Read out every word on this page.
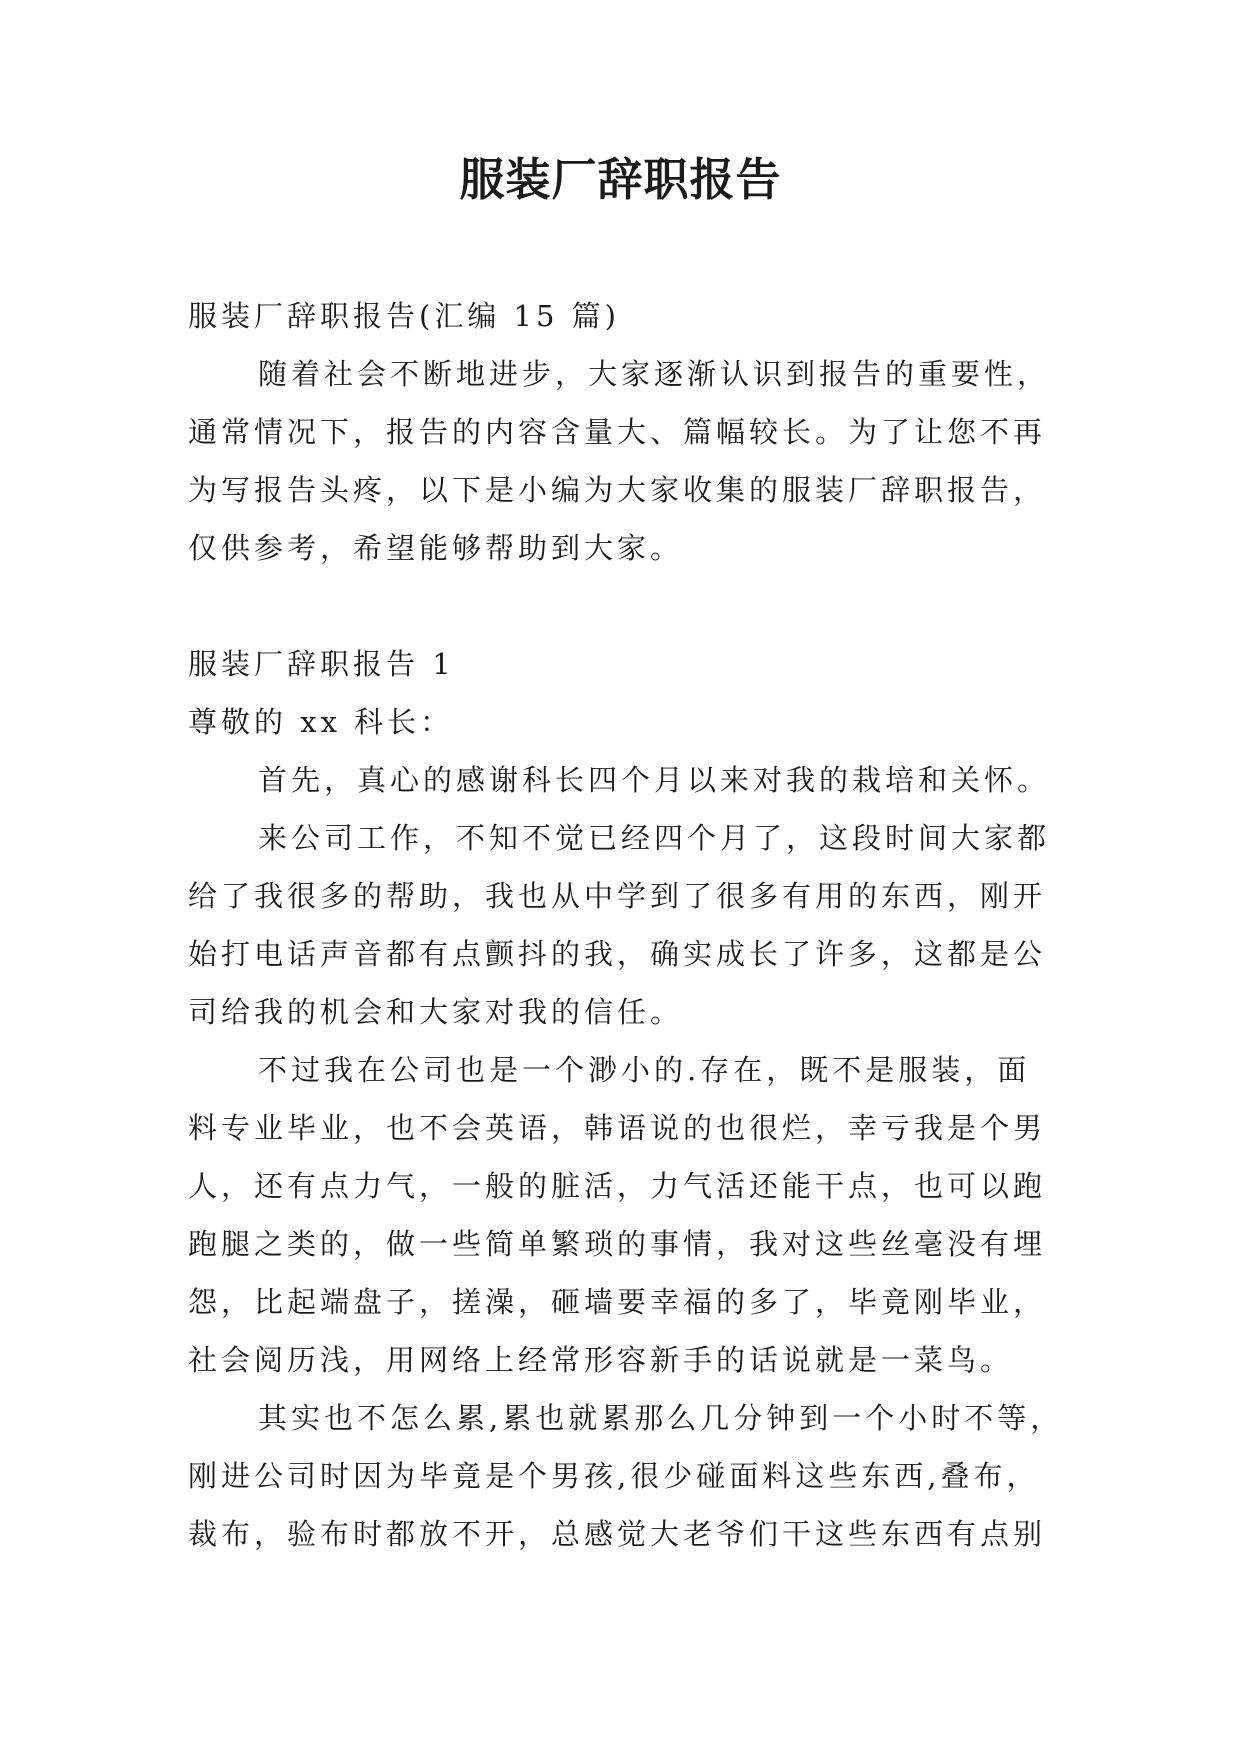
服装厂辞职报告
服装厂辞职报告(汇编 15 篇)
随着社会不断地进步，大家逐渐认识到报告的重要性，
通常情况下，报告的内容含量大、篇幅较长。为了让您不再
为写报告头疼，以下是小编为大家收集的服装厂辞职报告，
仅供参考，希望能够帮助到大家。
服装厂辞职报告 1
尊敬的 xx 科长：
首先，真心的感谢科长四个月以来对我的栽培和关怀。
来公司工作，不知不觉已经四个月了，这段时间大家都
给了我很多的帮助，我也从中学到了很多有用的东西，刚开
始打电话声音都有点颤抖的我，确实成长了许多，这都是公
司给我的机会和大家对我的信任。
不过我在公司也是一个渺小的.存在，既不是服装，面
料专业毕业，也不会英语，韩语说的也很烂，幸亏我是个男
人，还有点力气，一般的脏活，力气活还能干点，也可以跑
跑腿之类的，做一些简单繁琐的事情，我对这些丝毫没有埋
怨，比起端盘子，搓澡，砸墙要幸福的多了，毕竟刚毕业，
社会阅历浅，用网络上经常形容新手的话说就是一菜鸟。
其实也不怎么累,累也就累那么几分钟到一个小时不等，
刚进公司时因为毕竟是个男孩,很少碰面料这些东西,叠布，
裁布，验布时都放不开，总感觉大老爷们干这些东西有点别
